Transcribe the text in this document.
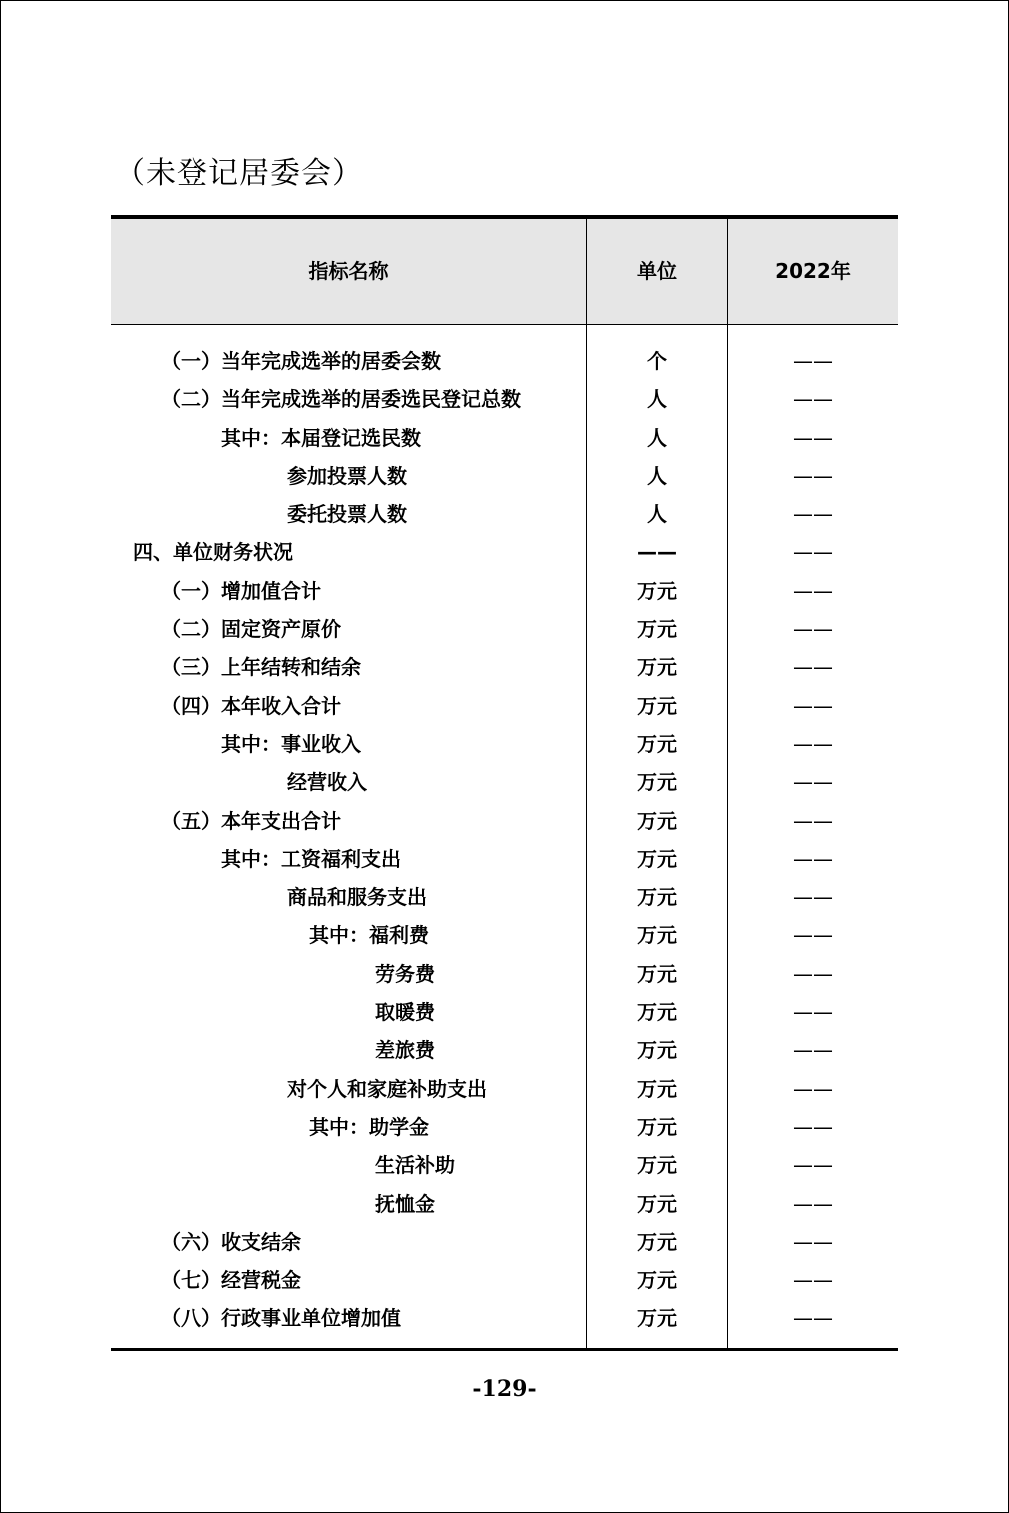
（未登记居委会）
指标名称	单位	2022年
（一）当年完成选举的居委会数	个	——
（二）当年完成选举的居委选民登记总数	人	——
其中：本届登记选民数	人	——
参加投票人数	人	——
委托投票人数	人	——
四、单位财务状况	——	——
（一）增加值合计	万元	——
（二）固定资产原价	万元	——
（三）上年结转和结余	万元	——
（四）本年收入合计	万元	——
其中：事业收入	万元	——
经营收入	万元	——
（五）本年支出合计	万元	——
其中：工资福利支出	万元	——
商品和服务支出	万元	——
其中：福利费	万元	——
劳务费	万元	——
取暖费	万元	——
差旅费	万元	——
对个人和家庭补助支出	万元	——
其中：助学金	万元	——
生活补助	万元	——
抚恤金	万元	——
（六）收支结余	万元	——
（七）经营税金	万元	——
（八）行政事业单位增加值	万元	——
-129-
